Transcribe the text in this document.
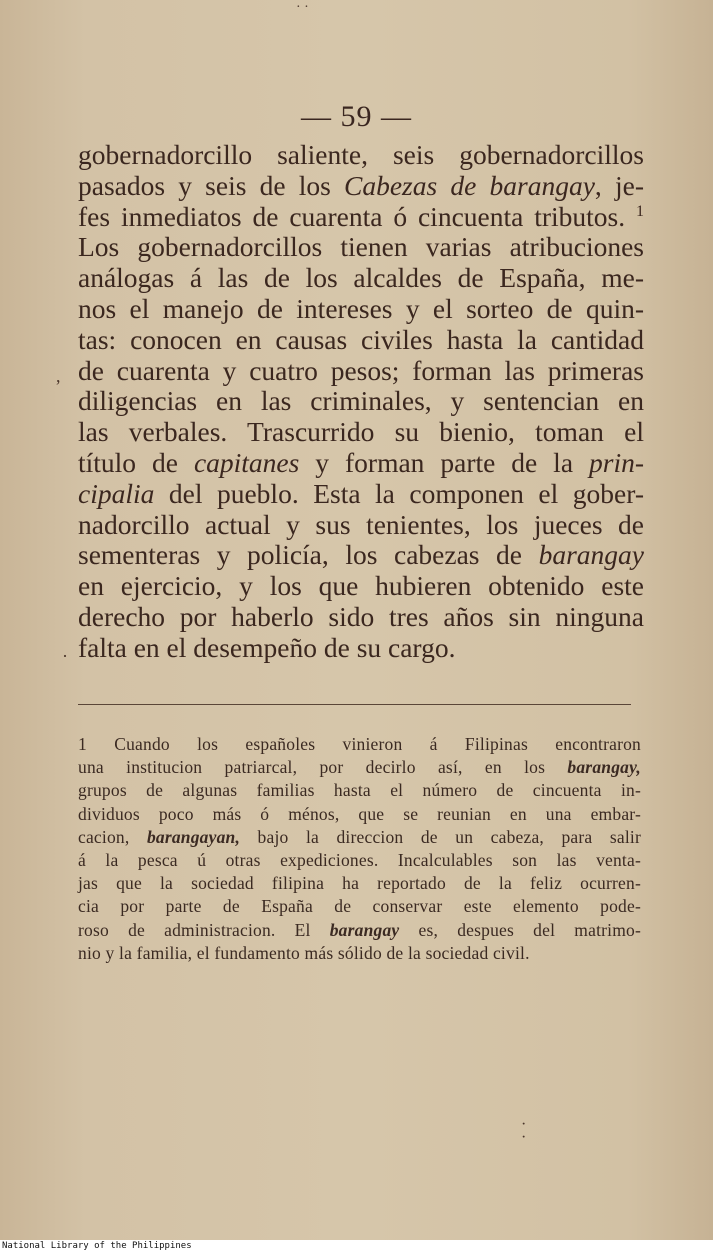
· ·
,
·
— 59 —
gobernadorcillo saliente, seis gobernadorcillos
pasados y seis de los Cabezas de barangay, je-
fes inmediatos de cuarenta ó cincuenta tributos. $^1$
Los gobernadorcillos tienen varias atribuciones
análogas á las de los alcaldes de España, me-
nos el manejo de intereses y el sorteo de quin-
tas: conocen en causas civiles hasta la cantidad
de cuarenta y cuatro pesos; forman las primeras
diligencias en las criminales, y sentencian en
las verbales. Trascurrido su bienio, toman el
título de capitanes y forman parte de la prin-
cipalia del pueblo. Esta la componen el gober-
nadorcillo actual y sus tenientes, los jueces de
sementeras y policía, los cabezas de barangay
en ejercicio, y los que hubieren obtenido este
derecho por haberlo sido tres años sin ninguna
falta en el desempeño de su cargo.
1 Cuando los españoles vinieron á Filipinas encontraron
una institucion patriarcal, por decirlo así, en los barangay,
grupos de algunas familias hasta el número de cincuenta in-
dividuos poco más ó ménos, que se reunian en una embar-
cacion, barangayan, bajo la direccion de un cabeza, para salir
á la pesca ú otras expediciones. Incalculables son las venta-
jas que la sociedad filipina ha reportado de la feliz ocurren-
cia por parte de España de conservar este elemento pode-
roso de administracion. El barangay es, despues del matrimo-
nio y la familia, el fundamento más sólido de la sociedad civil.
·
·
National Library of the Philippines
